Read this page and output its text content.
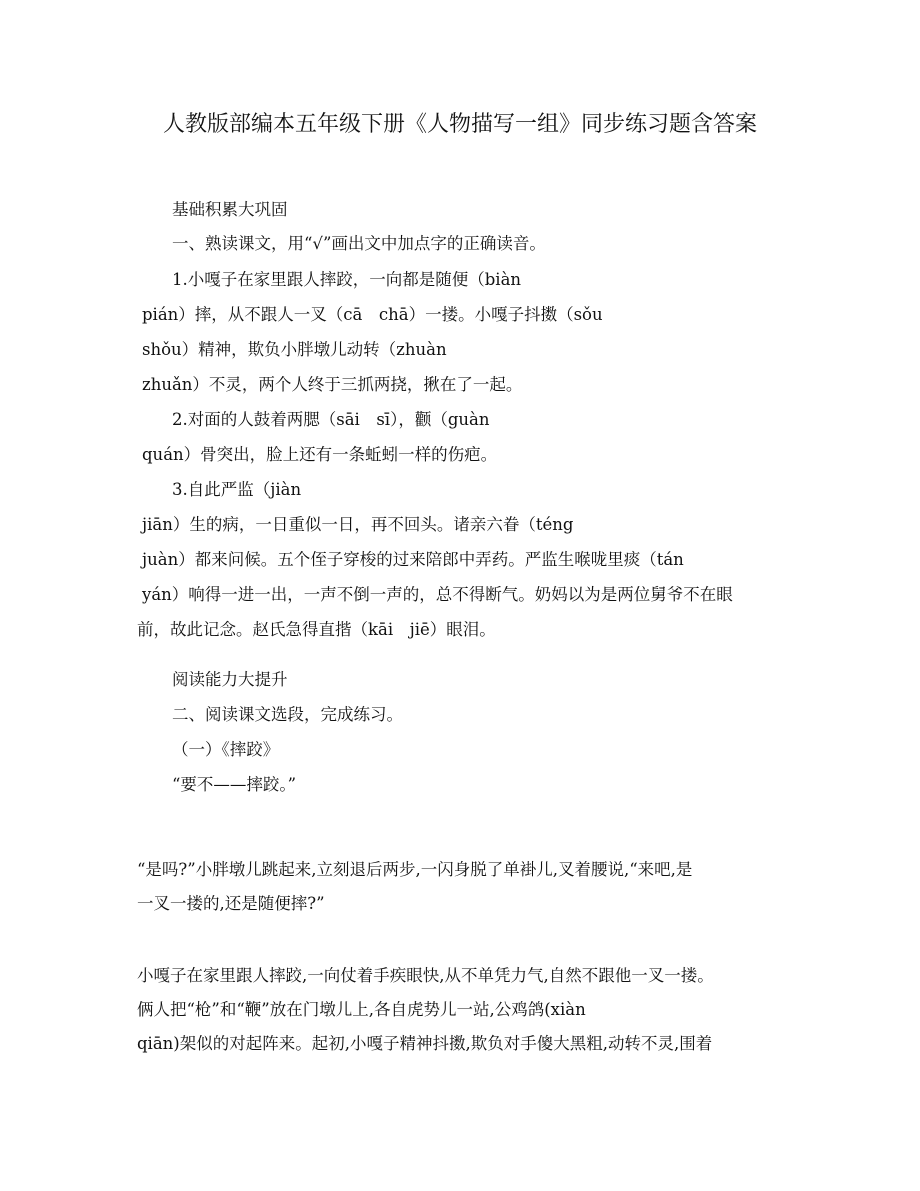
人教版部编本五年级下册《人物描写一组》同步练习题含答案
基础积累大巩固
一、熟读课文，用“√”画出文中加点字的正确读音。
1.小嘎子在家里跟人摔跤，一向都是随便（biàn
pián）摔，从不跟人一叉（cā　chā）一搂。小嘎子抖擞（sǒu
shǒu）精神，欺负小胖墩儿动转（zhuàn
zhuǎn）不灵，两个人终于三抓两挠，揪在了一起。
2.对面的人鼓着两腮（sāi　sī），颧（guàn
quán）骨突出，脸上还有一条蚯蚓一样的伤疤。
3.自此严监（jiàn
jiān）生的病，一日重似一日，再不回头。诸亲六眷（téng
juàn）都来问候。五个侄子穿梭的过来陪郎中弄药。严监生喉咙里痰（tán
yán）响得一进一出，一声不倒一声的，总不得断气。奶妈以为是两位舅爷不在眼
前，故此记念。赵氏急得直揩（kāi　jiē）眼泪。
阅读能力大提升
二、阅读课文选段，完成练习。
（一）《摔跤》
“要不——摔跤。”
“是吗?”小胖墩儿跳起来,立刻退后两步,一闪身脱了单褂儿,叉着腰说,“来吧,是
一叉一搂的,还是随便摔?”
小嘎子在家里跟人摔跤,一向仗着手疾眼快,从不单凭力气,自然不跟他一叉一搂。
俩人把“枪”和“鞭”放在门墩儿上,各自虎势儿一站,公鸡鸽(xiàn
qiān)架似的对起阵来。起初,小嘎子精神抖擞,欺负对手傻大黑粗,动转不灵,围着
